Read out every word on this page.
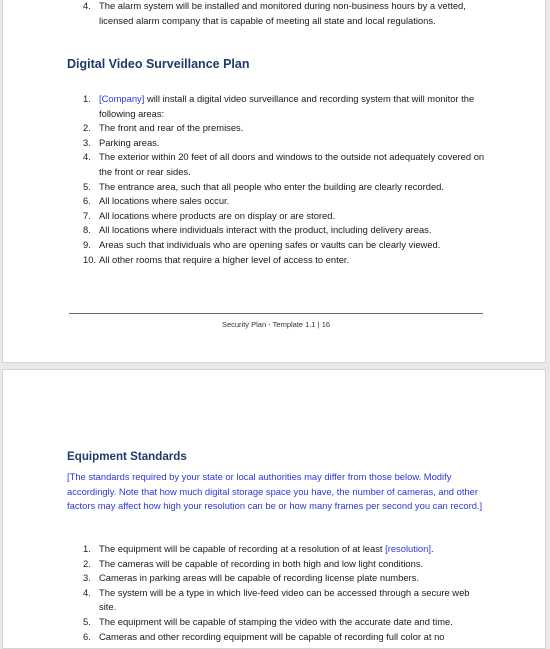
4. The alarm system will be installed and monitored during non-business hours by a vetted, licensed alarm company that is capable of meeting all state and local regulations.
Digital Video Surveillance Plan
1. [Company] will install a digital video surveillance and recording system that will monitor the following areas:
2. The front and rear of the premises.
3. Parking areas.
4. The exterior within 20 feet of all doors and windows to the outside not adequately covered on the front or rear sides.
5. The entrance area, such that all people who enter the building are clearly recorded.
6. All locations where sales occur.
7. All locations where products are on display or are stored.
8. All locations where individuals interact with the product, including delivery areas.
9. Areas such that individuals who are opening safes or vaults can be clearly viewed.
10. All other rooms that require a higher level of access to enter.
Security Plan - Template 1.1 | 16
Equipment Standards
[The standards required by your state or local authorities may differ from those below. Modify accordingly. Note that how much digital storage space you have, the number of cameras, and other factors may affect how high your resolution can be or how many frames per second you can record.]
1. The equipment will be capable of recording at a resolution of at least [resolution].
2. The cameras will be capable of recording in both high and low light conditions.
3. Cameras in parking areas will be capable of recording license plate numbers.
4. The system will be a type in which live-feed video can be accessed through a secure web site.
5. The equipment will be capable of stamping the video with the accurate date and time.
6. Cameras and other recording equipment will be capable of recording full color at no
